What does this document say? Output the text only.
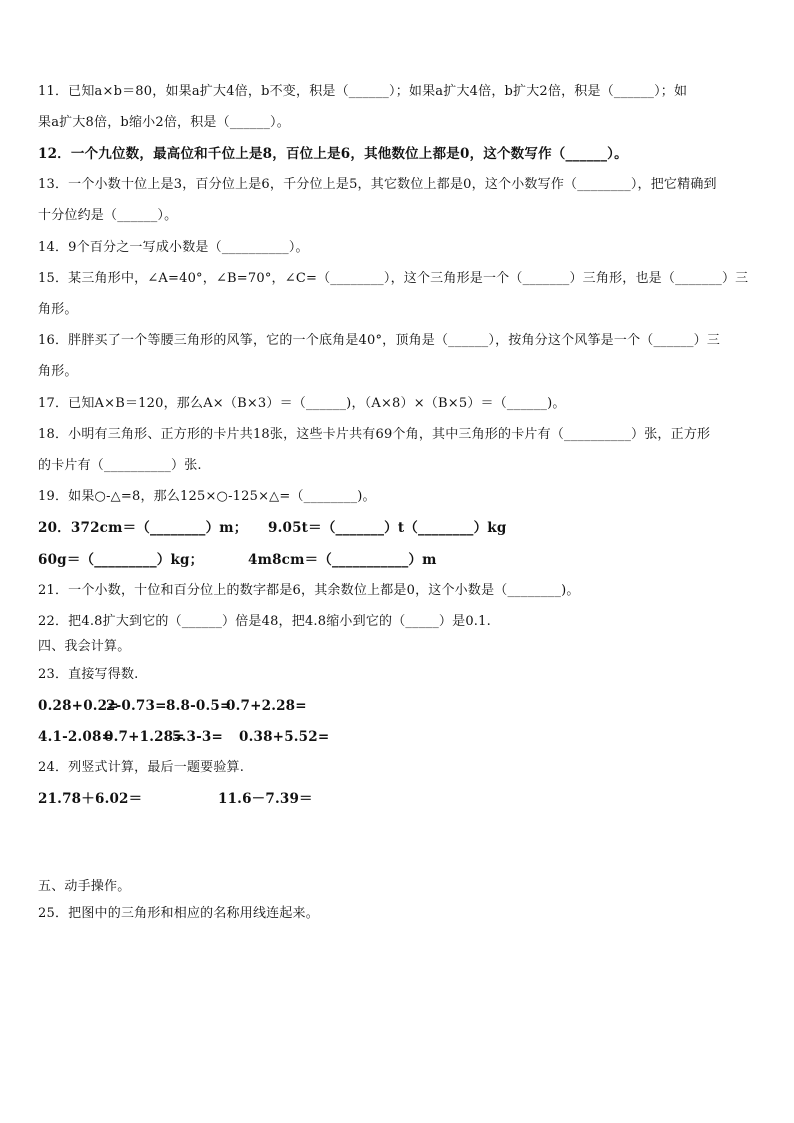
11．已知a×b＝80，如果a扩大4倍，b不变，积是（______）；如果a扩大4倍，b扩大2倍，积是（______）；如
果a扩大8倍，b缩小2倍，积是（______）。
12．一个九位数，最高位和千位上是8，百位上是6，其他数位上都是0，这个数写作（______）。
13．一个小数十位上是3，百分位上是6，千分位上是5，其它数位上都是0，这个小数写作（________），把它精确到
十分位约是（______）。
14．9个百分之一写成小数是（__________）。
15．某三角形中，∠A=40°，∠B=70°，∠C=（________），这个三角形是一个（_______）三角形，也是（_______）三
角形。
16．胖胖买了一个等腰三角形的风筝，它的一个底角是40°，顶角是（______），按角分这个风筝是一个（______）三
角形。
17．已知A×B＝120，那么A×（B×3）＝（______)，（A×8）×（B×5）＝（______)。
18．小明有三角形、正方形的卡片共18张，这些卡片共有69个角，其中三角形的卡片有（__________）张，正方形
的卡片有（__________）张.
19．如果○-△=8，那么125×○-125×△=（________)。
20．372cm＝（________）m； 9.05t＝（_______）t（________）kg
60g＝（_________）kg；	4m8cm＝（___________）m
21．一个小数，十位和百分位上的数字都是6，其余数位上都是0，这个小数是（________)。
22．把4.8扩大到它的（______）倍是48，把4.8缩小到它的（_____）是0.1.
四、我会计算。
23．直接写得数.
0.28+0.2=2-0.73=8.8-0.5=0.7+2.28=
4.1-2.08=0.7+1.28=5.3-3= 0.38+5.52=
24．列竖式计算，最后一题要验算.
21.78＋6.02＝	11.6－7.39＝
五、动手操作。
25．把图中的三角形和相应的名称用线连起来。
